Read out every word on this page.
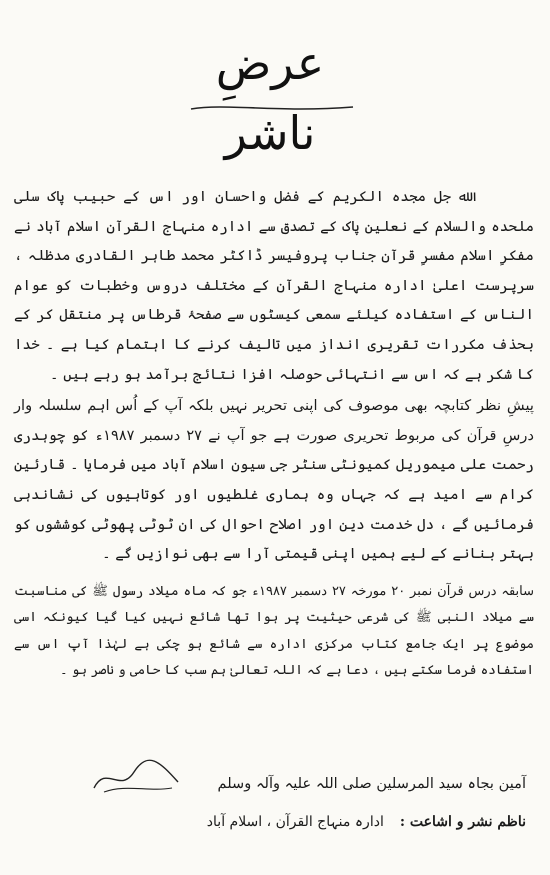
عرضِ ناشر

الله جل مجده الکریم کے فضل واحسان اور اس کے حبیب پاک سلی ملحدہ والسلام کے نعلین پاک کے تصدق سے ادارہ منہاج القرآن اسلام آباد نے مفکرِ اسلام مفسرِ قرآن جناب پروفیسر ڈاکٹر محمد طاہر القادری مدظلہ ، سرپرست اعلیٰ ادارہ منہاج القرآن کے مختلف دروس وخطبات کو عوام الناس کے استفادہ کیلئے سمعی کیسٹوں سے صفحۂ قرطاس پر منتقل کر کے بحذف مکررات تقریری انداز میں تالیف کرنے کا اہتمام کیا ہے ۔ خدا کا شکر ہے کہ اس سے انتہائی حوصلہ افزا نتائج برآمد ہو رہے ہیں ۔

پیشِ نظر کتابچہ بھی موصوف کی اپنی تحریر نہیں بلکہ آپ کے اُس اہم سلسلہ وار درسِ قرآن کی مربوط تحریری صورت ہے جو آپ نے ۲۷ دسمبر ۱۹۸۷ء کو چوہدری رحمت علی میموریل کمیونٹی سنٹر جی سیون اسلام آباد میں فرمایا ۔ قارئین کرام سے امید ہے کہ جہاں وہ ہماری غلطیوں اور کوتاہیوں کی نشاندہی فرمائیں گے ، دل خدمت دین اور اصلاح احوال کی ان ٹوٹی پھوٹی کوششوں کو بہتر بنانے کے لیے ہمیں اپنی قیمتی آرا سے بھی نوازیں گے ۔

سابقہ درس قرآن نمبر ۲۰ مورخہ ۲۷ دسمبر ۱۹۸۷ء جو کہ ماہ میلاد رسول ﷺ کی مناسبت سے میلاد النبی ﷺ کی شرعی حیثیت پر ہوا تھا شائع نہیں کیا گیا کیونکہ اسی موضوع پر ایک جامع کتاب مرکزی ادارہ سے شائع ہو چکی ہے لہٰذا آپ اس سے استفادہ فرما سکتے ہیں ، دعا ہے کہ اللہ تعالیٰ ہم سب کا حامی و ناصر ہو ۔

آمین بجاہ سید المرسلین صلی اللہ علیہ وآلہ وسلم
ناظم نشر و اشاعت :
ادارہ منہاج القرآن ، اسلام آباد
